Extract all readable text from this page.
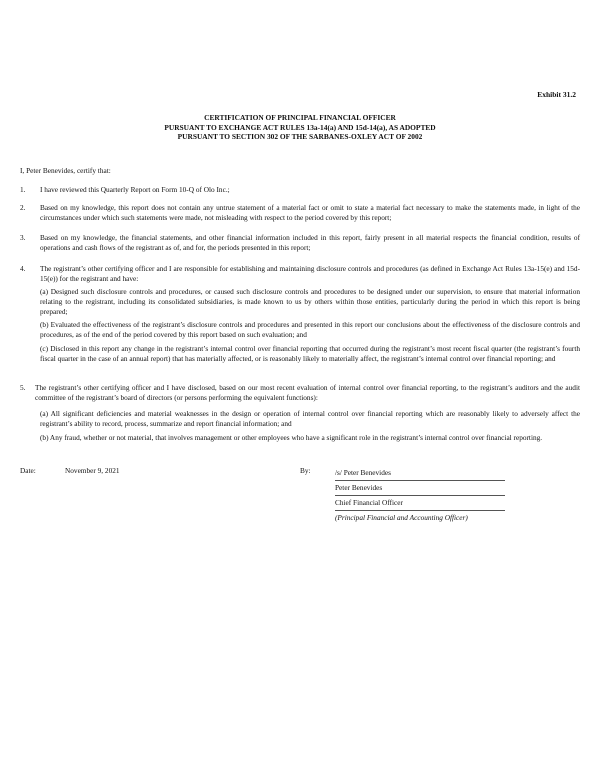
Exhibit 31.2
CERTIFICATION OF PRINCIPAL FINANCIAL OFFICER
PURSUANT TO EXCHANGE ACT RULES 13a-14(a) AND 15d-14(a), AS ADOPTED
PURSUANT TO SECTION 302 OF THE SARBANES-OXLEY ACT OF 2002
I, Peter Benevides, certify that:
1. I have reviewed this Quarterly Report on Form 10-Q of Olo Inc.;
2. Based on my knowledge, this report does not contain any untrue statement of a material fact or omit to state a material fact necessary to make the statements made, in light of the circumstances under which such statements were made, not misleading with respect to the period covered by this report;
3. Based on my knowledge, the financial statements, and other financial information included in this report, fairly present in all material respects the financial condition, results of operations and cash flows of the registrant as of, and for, the periods presented in this report;
4. The registrant’s other certifying officer and I are responsible for establishing and maintaining disclosure controls and procedures (as defined in Exchange Act Rules 13a-15(e) and 15d-15(e)) for the registrant and have:
(a) Designed such disclosure controls and procedures, or caused such disclosure controls and procedures to be designed under our supervision, to ensure that material information relating to the registrant, including its consolidated subsidiaries, is made known to us by others within those entities, particularly during the period in which this report is being prepared;
(b) Evaluated the effectiveness of the registrant’s disclosure controls and procedures and presented in this report our conclusions about the effectiveness of the disclosure controls and procedures, as of the end of the period covered by this report based on such evaluation; and
(c) Disclosed in this report any change in the registrant’s internal control over financial reporting that occurred during the registrant’s most recent fiscal quarter (the registrant’s fourth fiscal quarter in the case of an annual report) that has materially affected, or is reasonably likely to materially affect, the registrant’s internal control over financial reporting; and
5. The registrant’s other certifying officer and I have disclosed, based on our most recent evaluation of internal control over financial reporting, to the registrant’s auditors and the audit committee of the registrant’s board of directors (or persons performing the equivalent functions):
(a) All significant deficiencies and material weaknesses in the design or operation of internal control over financial reporting which are reasonably likely to adversely affect the registrant’s ability to record, process, summarize and report financial information; and
(b) Any fraud, whether or not material, that involves management or other employees who have a significant role in the registrant’s internal control over financial reporting.
Date:	November 9, 2021	By:	/s/ Peter Benevides
Peter Benevides
Chief Financial Officer
(Principal Financial and Accounting Officer)
